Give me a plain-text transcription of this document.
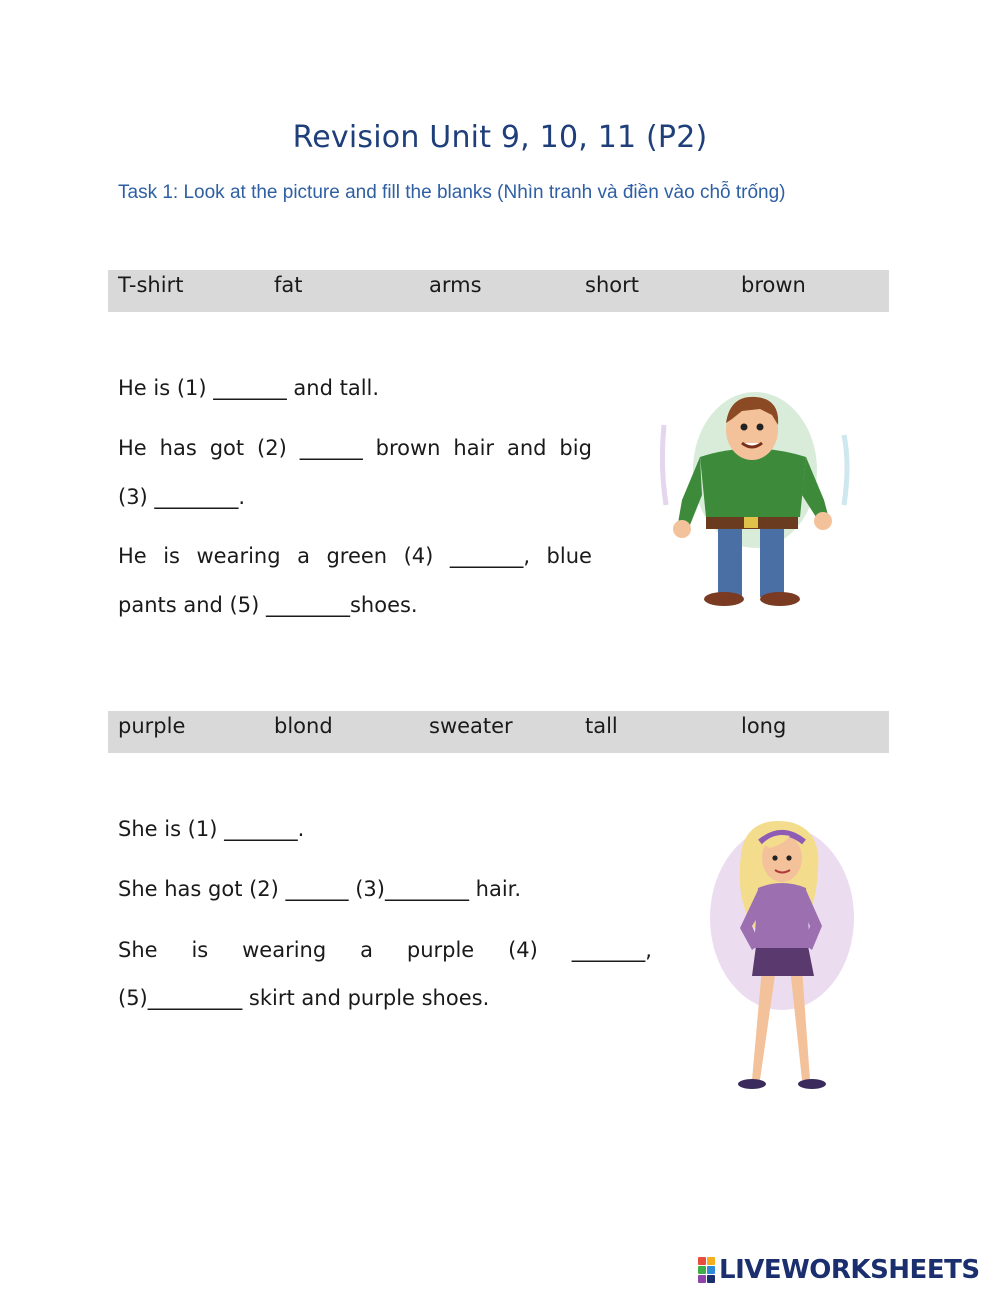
Revision Unit 9, 10, 11 (P2)
Task 1: Look at the picture and fill the blanks (Nhìn tranh và điền vào chỗ trống)
T-shirt	fat	arms	short	brown
He is (1) _______ and tall.
He has got (2) ______ brown hair and big
(3) ________.
He is wearing a green (4) _______, blue
pants and (5) ________shoes.
purple	blond	sweater	tall	long
She is (1) _______.
She has got (2) ______ (3)________ hair.
She is wearing a purple (4) _______,
(5)_________ skirt and purple shoes.
LIVEWORKSHEETS
